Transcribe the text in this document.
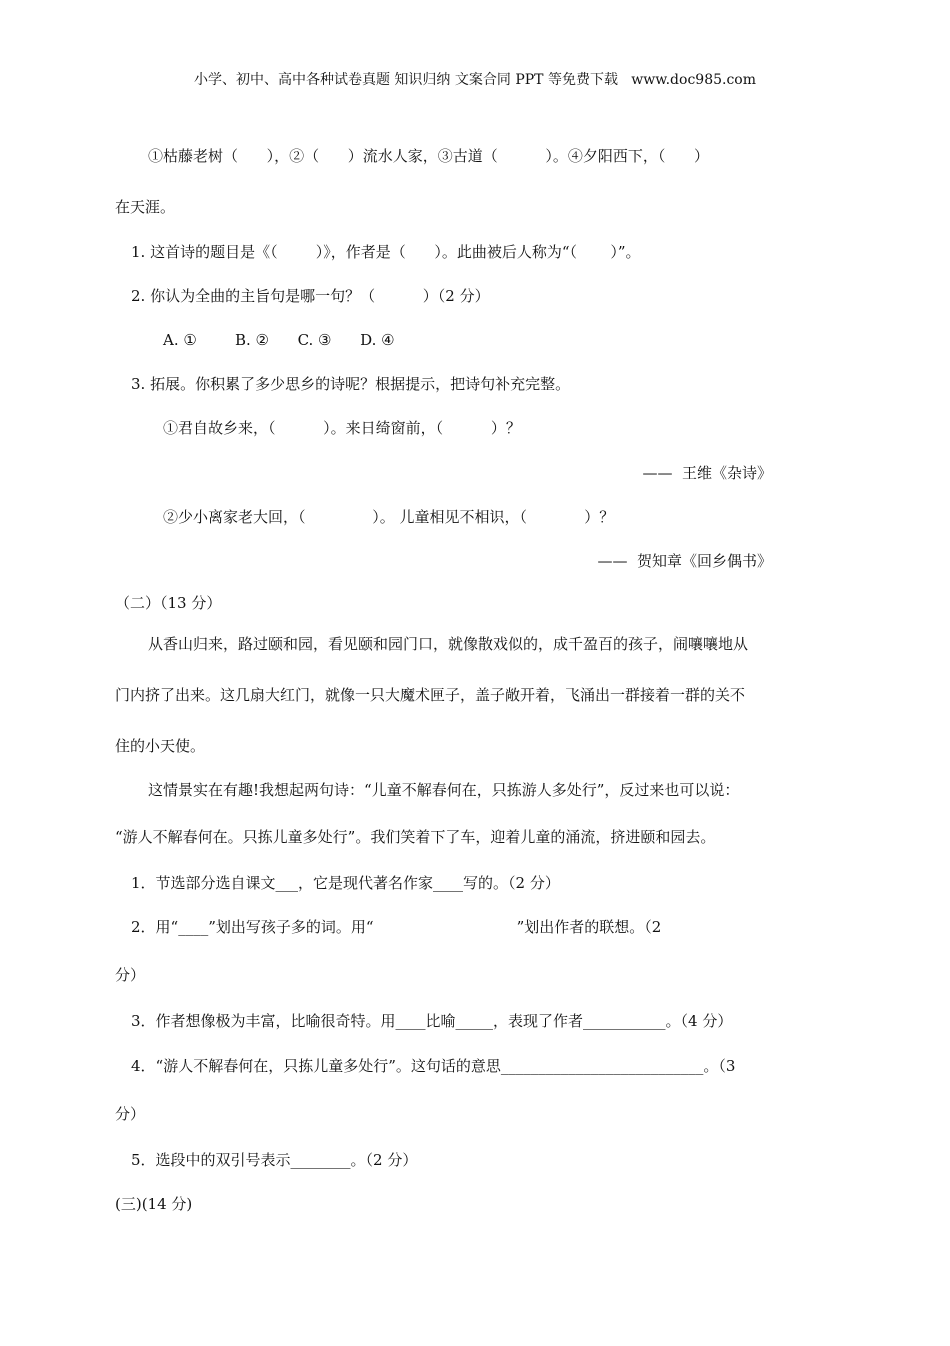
小学、初中、高中各种试卷真题 知识归纳 文案合同 PPT 等免费下载   www.doc985.com
①枯藤老树（      ），②（      ）流水人家，③古道（          ）。④夕阳西下，（      ）
在天涯。
1. 这首诗的题目是《（        ）》，作者是（      ）。此曲被后人称为“（       ）”。
2. 你认为全曲的主旨句是哪一句？（          ）（2 分）
A. ①        B. ②      C. ③      D. ④
3. 拓展。你积累了多少思乡的诗呢？根据提示，把诗句补充完整。
①君自故乡来，（          ）。来日绮窗前，（          ）？
——  王维《杂诗》
②少小离家老大回，（              ）。 儿童相见不相识，（            ）？
——  贺知章《回乡偶书》
（二）（13 分）
从香山归来，路过颐和园，看见颐和园门口，就像散戏似的，成千盈百的孩子，闹嚷嚷地从
门内挤了出来。这几扇大红门，就像一只大魔术匣子，盖子敞开着，飞涌出一群接着一群的关不
住的小天使。
这情景实在有趣!我想起两句诗：“儿童不解春何在，只拣游人多处行”，反过来也可以说：
“游人不解春何在。只拣儿童多处行”。我们笑着下了车，迎着儿童的涌流，挤进颐和园去。
1．节选部分选自课文___，它是现代著名作家____写的。（2 分）
2．用“____”划出写孩子多的词。用“                              ”划出作者的联想。（2
分）
3．作者想像极为丰富，比喻很奇特。用____比喻_____，表现了作者___________。（4 分）
4．“游人不解春何在，只拣儿童多处行”。这句话的意思___________________________。（3
分）
5．选段中的双引号表示________。（2 分）
(三)(14 分)
